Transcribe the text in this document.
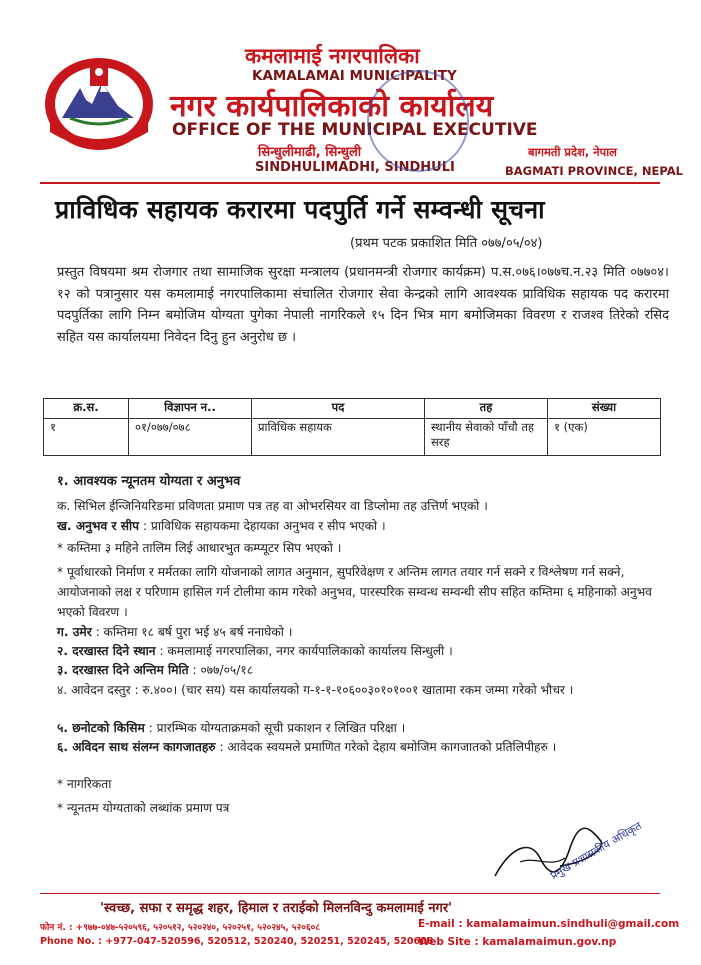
कमलामाई नगरपालिका
KAMALAMAI MUNICIPALITY
नगर कार्यपालिकाको कार्यालय
OFFICE OF THE MUNICIPAL EXECUTIVE
सिन्धुलीमाढी, सिन्धुली
SINDHULIMADHI, SINDHULI
बागमती प्रदेश, नेपाल
BAGMATI PROVINCE, NEPAL
प्राविधिक सहायक करारमा पदपुर्ति गर्ने सम्वन्धी सूचना
(प्रथम पटक प्रकाशित मिति ०७७/०५/०४)
प्रस्तुत विषयमा श्रम रोजगार तथा सामाजिक सुरक्षा मन्त्रालय (प्रधानमन्त्री रोजगार कार्यक्रम) प.स.०७६।०७७च.न.२३ मिति ०७७०४।१२ को पत्रानुसार यस कमलामाई नगरपालिकामा संचालित रोजगार सेवा केन्द्रको लागि आवश्यक प्राविधिक सहायक पद करारमा पदपुर्तिका लागि निम्न बमोजिम योग्यता पुगेका नेपाली नागरिकले १५ दिन भित्र माग बमोजिमका विवरण र राजश्व तिरेको रसिद सहित यस कार्यालयमा निवेदन दिनु हुन अनुरोध छ ।
क्र.स.	विज्ञापन न..	पद	तह	संख्या
१	०१/०७७/०७८	प्राविधिक सहायक	स्थानीय सेवाको पाँचौ तह सरह	१ (एक)
१. आवश्यक न्यूनतम योग्यता र अनुभव
क. सिभिल ईन्जिनियरिङमा प्रविणता प्रमाण पत्र तह वा ओभरसियर वा डिप्लोमा तह उत्तिर्ण भएको ।
ख. अनुभव र सीप : प्राविधिक सहायकमा देहायका अनुभव र सीप भएको ।
* कम्तिमा ३ महिने तालिम लिई आधारभुत कम्प्यूटर सिप भएको ।
* पूर्वाधारको निर्माण र मर्मतका लागि योजनाको लागत अनुमान, सुपरिवेक्षण र अन्तिम लागत तयार गर्न सक्ने र विश्लेषण गर्न सक्ने, आयोजनाको लक्ष र परिणाम हासिल गर्न टोलीमा काम गरेको अनुभव, पारस्परिक सम्वन्ध सम्वन्धी सीप सहित कम्तिमा ६ महिनाको अनुभव भएको विवरण ।
ग. उमेर : कम्तिमा १८ बर्ष पुरा भई ४५ बर्ष ननाघेको ।
२. दरखास्त दिने स्थान : कमलामाई नगरपालिका, नगर कार्यपालिकाको कार्यालय सिन्धुली ।
३. दरखास्त दिने अन्तिम मिति : ०७७/०५/१८
४. आवेदन दस्तुर : रु.४००। (चार सय) यस कार्यालयको ग-१-१-१०६००३०१०१००१ खातामा रकम जम्मा गरेको भौचर ।
५. छनोटको किसिम : प्रारम्भिक योग्यताक्रमको सूची प्रकाशन र लिखित परिक्षा ।
६. अविदन साथ संलग्न कागजातहरु : आवेदक स्वयमले प्रमाणित गरेको देहाय बमोजिम कागजातको प्रतिलिपीहरु ।
* नागरिकता
* न्यूनतम योग्यताको लब्धांक प्रमाण पत्र
प्रमुख प्रशासकीय अधिकृत
'स्वच्छ, सफा र समृद्ध शहर, हिमाल र तराईको मिलनविन्दु कमलामाई नगर'
फोन नं. : +९७७-०४७-५२०५९६, ५२०५१२, ५२०२४०, ५२०२५१, ५२०२४५, ५२०६०८
Phone No. : +977-047-520596, 520512, 520240, 520251, 520245, 520608
E-mail : kamalamaimun.sindhuli@gmail.com
Web Site : kamalamaimun.gov.np
